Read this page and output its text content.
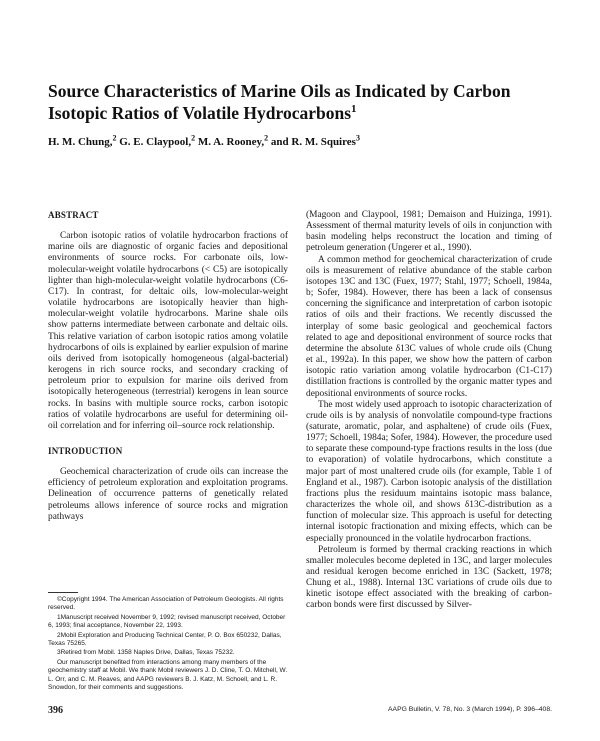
Source Characteristics of Marine Oils as Indicated by Carbon Isotopic Ratios of Volatile Hydrocarbons$^1$
H. M. Chung,$^2$ G. E. Claypool,$^2$ M. A. Rooney,$^2$ and R. M. Squires$^3$

ABSTRACT

Carbon isotopic ratios of volatile hydrocarbon fractions of marine oils are diagnostic of organic facies and depositional environments of source rocks. For carbonate oils, low-molecular-weight volatile hydrocarbons (< C5) are isotopically lighter than high-molecular-weight volatile hydrocarbons (C6-C17). In contrast, for deltaic oils, low-molecular-weight volatile hydrocarbons are isotopically heavier than high-molecular-weight volatile hydrocarbons. Marine shale oils show patterns intermediate between carbonate and deltaic oils. This relative variation of carbon isotopic ratios among volatile hydrocarbons of oils is explained by earlier expulsion of marine oils derived from isotopically homogeneous (algal-bacterial) kerogens in rich source rocks, and secondary cracking of petroleum prior to expulsion for marine oils derived from isotopically heterogeneous (terrestrial) kerogens in lean source rocks. In basins with multiple source rocks, carbon isotopic ratios of volatile hydrocarbons are useful for determining oil-oil correlation and for inferring oil–source rock relationship.

INTRODUCTION

Geochemical characterization of crude oils can increase the efficiency of petroleum exploration and exploitation programs. Delineation of occurrence patterns of genetically related petroleums allows inference of source rocks and migration pathways

(Magoon and Claypool, 1981; Demaison and Huizinga, 1991). Assessment of thermal maturity levels of oils in conjunction with basin modeling helps reconstruct the location and timing of petroleum generation (Ungerer et al., 1990).

A common method for geochemical characterization of crude oils is measurement of relative abundance of the stable carbon isotopes 13C and 13C (Fuex, 1977; Stahl, 1977; Schoell, 1984a, b; Sofer, 1984). However, there has been a lack of consensus concerning the significance and interpretation of carbon isotopic ratios of oils and their fractions. We recently discussed the interplay of some basic geological and geochemical factors related to age and depositional environment of source rocks that determine the absolute δ13C values of whole crude oils (Chung et al., 1992a). In this paper, we show how the pattern of carbon isotopic ratio variation among volatile hydrocarbon (C1-C17) distillation fractions is controlled by the organic matter types and depositional environments of source rocks.

The most widely used approach to isotopic characterization of crude oils is by analysis of nonvolatile compound-type fractions (saturate, aromatic, polar, and asphaltene) of crude oils (Fuex, 1977; Schoell, 1984a; Sofer, 1984). However, the procedure used to separate these compound-type fractions results in the loss (due to evaporation) of volatile hydrocarbons, which constitute a major part of most unaltered crude oils (for example, Table 1 of England et al., 1987). Carbon isotopic analysis of the distillation fractions plus the residuum maintains isotopic mass balance, characterizes the whole oil, and shows δ13C-distribution as a function of molecular size. This approach is useful for detecting internal isotopic fractionation and mixing effects, which can be especially pronounced in the volatile hydrocarbon fractions.

Petroleum is formed by thermal cracking reactions in which smaller molecules become depleted in 13C, and larger molecules and residual kerogen become enriched in 13C (Sackett, 1978; Chung et al., 1988). Internal 13C variations of crude oils due to kinetic isotope effect associated with the breaking of carbon-carbon bonds were first discussed by Silver-

©Copyright 1994. The American Association of Petroleum Geologists. All rights reserved.

1Manuscript received November 9, 1992; revised manuscript received, October 6, 1993; final acceptance, November 22, 1993.

2Mobil Exploration and Producing Technical Center, P. O. Box 650232, Dallas, Texas 75265.

3Retired from Mobil. 1358 Naples Drive, Dallas, Texas 75232.

Our manuscript benefited from interactions among many members of the geochemistry staff at Mobil. We thank Mobil reviewers J. D. Cline, T. O. Mitchell, W. L. Orr, and C. M. Reaves, and AAPG reviewers B. J. Katz, M. Schoell, and L. R. Snowdon, for their comments and suggestions.

396	AAPG Bulletin, V. 78, No. 3 (March 1994), P. 396–408.
